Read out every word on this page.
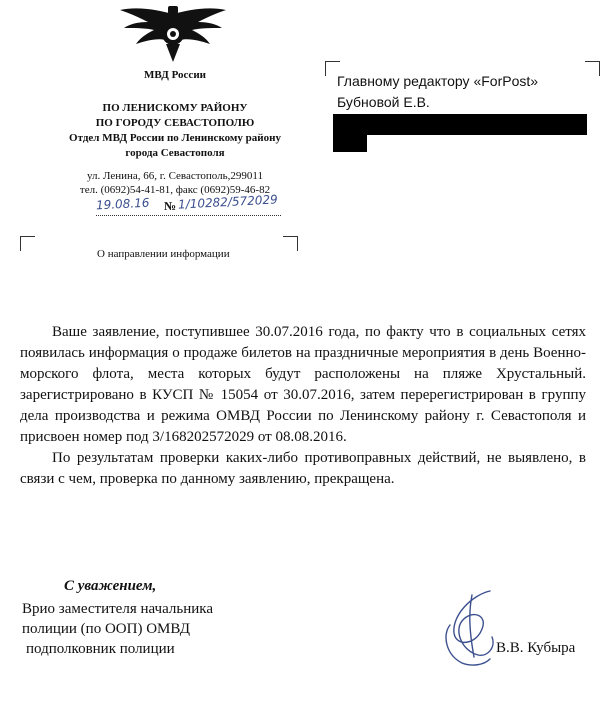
МВД России
ПО ЛЕНИСКОМУ РАЙОНУ
ПО ГОРОДУ СЕВАСТОПОЛЮ
Отдел МВД России по Ленинскому району
города Севастополя
ул. Ленина, 66, г. Севастополь,299011
тел. (0692)54-41-81, факс (0692)59-46-82
19.08.16 № 1/10282/572029
Главному редактору «ForPost»
Бубновой Е.В.
О направлении информации

Ваше заявление, поступившее 30.07.2016 года, по факту что в социальных сетях появилась информация о продаже билетов на праздничные мероприятия в день Военно-морского флота, места которых будут расположены на пляже Хрустальный. зарегистрировано в КУСП № 15054 от 30.07.2016, затем перерегистрирован в группу дела производства и режима ОМВД России по Ленинскому району г. Севастополя и присвоен номер под 3/168202572029 от 08.08.2016.

По результатам проверки каких-либо противоправных действий, не выявлено, в связи с чем, проверка по данному заявлению, прекращена.

С уважением,
Врио заместителя начальника
полиции (по ООП) ОМВД
подполковник полиции	В.В. Кубыра
